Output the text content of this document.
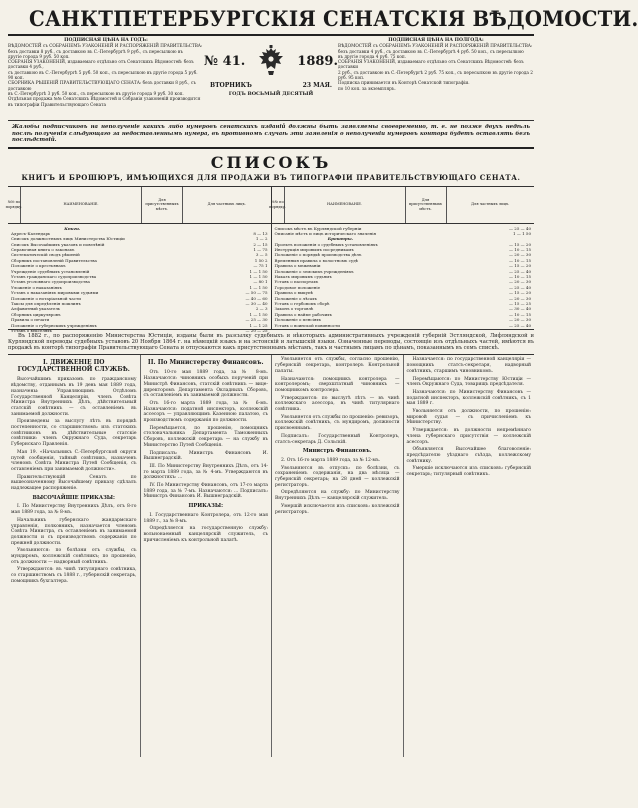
САНКТПЕТЕРБУРГСКІЯ СЕНАТСКІЯ ВѢДОМОСТИ.
ПОДПИСНАЯ ЦѢНА НА ГОДЪ:
ВѢДОМОСТЕЙ съ СОБРАНІЕМЪ УЗАКОНЕНІЙ И РАСПОРЯЖЕНІЙ ПРАВИТЕЛЬСТВА:
безъ доставки 8 руб., съ доставкою въ С.-Петербургѣ 9 руб., съ пересылкою въ
другіе города 9 руб. 50 коп.
СОБРАНІЯ УЗАКОНЕНІЙ, издаваемаго отдѣльно отъ Сенатскихъ Вѣдомостей: безъ доставки 4 руб.,
съ доставкою въ С.-Петербургѣ 5 руб. 50 коп., съ пересылкою въ другіе города 5 руб. 90 коп.
СБОРНИКА РѢШЕНІЙ ПРАВИТЕЛЬСТВУЮЩАГО СЕНАТА: безъ доставки 8 руб., съ доставкою
въ С.-Петербургѣ 3 руб. 50 коп., съ пересылкою въ другіе города 9 руб. 30 коп.
Отдѣльная продажа №№ Сенатскихъ Вѣдомостей и Собранія узаконеній производится въ типографіи Правительствующаго Сената
№ 41.	1889.
ВТОРНИКЪ	23 МАЯ.
ГОДЪ ВОСЬМЫЙ ДЕСЯТЫЙ
ПОДПИСНАЯ ЦѢНА НА ПОЛГОДА:
ВѢДОМОСТЕЙ съ СОБРАНІЕМЪ УЗАКОНЕНІЙ И РАСПОРЯЖЕНІЙ ПРАВИТЕЛЬСТВА:
безъ доставки 4 руб., съ доставкою въ С.-Петербургѣ 4 руб. 50 коп., съ пересылкою
въ другіе города 4 руб. 75 коп.
СОБРАНІЯ УЗАКОНЕНІЙ, издаваемаго отдѣльно отъ Сенатскихъ Вѣдомостей: безъ доставки
2 руб., съ доставкою въ С.-Петербургѣ 2 руб. 75 коп., съ пересылкою въ другіе города 2 руб. 95 коп.
Подписка принимается въ Конторѣ Сенатской типографіи.
по 10 коп. за экземпляръ.
Жалобы подписчиковъ на неполученіе какихъ либо нумеровъ сенатскихъ изданій должны быть заявляемы своевременно, т. е. не позже двухъ недѣль послѣ полученія слѣдующаго за недоставленнымъ нумера, въ противномъ случаѣ эти заявленія о неполученіи нумеровъ контора будетъ оставлять безъ послѣдствій.
СПИСОКЪ
КНИГЪ И БРОШЮРЪ, ИМѢЮЩИХСЯ ДЛЯ ПРОДАЖИ ВЪ ТИПОГРАФІИ ПРАВИТЕЛЬСТВУЮЩАГО СЕНАТА.
№№ по порядку.
НАИМЕНОВАНІЕ.
Для присутственныхъ мѣстъ.
Для частныхъ лицъ.
Книги.
Адресъ-Календарь	8 — 13
Списокъ должностныхъ лицъ Министерства Юстиціи	1 — 2
Списокъ Высочайшихъ указовъ и повелѣній	2 — 15
Справочная книга о законахъ	1 — 75
Систематическій сводъ рѣшеній	3 — 5
Сборникъ постановленій Правительства	1 50 2
Положеніе о крестьянахъ	— 75 1
Учрежденіе судебныхъ установленій	1 — 1 50
Уставъ гражданскаго судопроизводства	1 — 1 50
Уставъ уголовнаго судопроизводства	— 80 1
Уложеніе о наказаніяхъ	1 — 1 50
Уставъ о наказаніяхъ мировыми судьями	— 50 — 75
Положеніе о нотаріальной части	— 40 — 60
Таксы для опредѣленія пошлинъ	— 30 — 40
Алфавитный указатель	2 — 3
Сборникъ циркуляровъ	1 — 1 50
Правила о печати	— 25 — 30
Положеніе о губернскихъ учрежденіяхъ	1 — 1 25
Уставъ о векселяхъ	— 20 — 25
№№ по порядку.
НАИМЕНОВАНІЕ.
Для присутственныхъ мѣстъ.
Для частныхъ лицъ.
Списокъ мѣстъ въ Курляндской губерніи	— 25 — 40
Описаніе мѣстъ и лицъ историческаго значенія	1 — 1 50
Брошюры.
Проектъ положенія о судебныхъ установленіяхъ	— 15 — 20
Инструкція мировымъ посредникамъ	— 10 — 15
Положеніе о порядкѣ производства дѣлъ	— 20 — 30
Временныя правила о волостномъ судѣ	— 10 — 15
Правила о межеваніи	— 15 — 20
Положеніе о земскихъ учрежденіяхъ	— 25 — 40
Наказъ мировымъ судьямъ	— 10 — 15
Уставъ о паспортахъ	— 20 — 30
Городовое положеніе	— 25 — 40
Правила о выкупѣ	— 15 — 20
Положеніе о лѣсахъ	— 20 — 30
Уставъ о гербовомъ сборѣ	— 15 — 25
Законъ о торговлѣ	— 30 — 40
Правила о найме рабочихъ	— 10 — 15
Положеніе о пенсіяхъ	— 20 — 30
Уставъ о воинской повинности	— 25 — 40
Въ 1882 г., по распоряженію Министерства Юстиціи, изданы были въ разсылку судебныхъ и нѣкоторыхъ административныхъ учрежденій губерній Эстляндской, Лифляндской и Курляндской переводы судебныхъ уставовъ 20 Ноября 1864 г. на нѣмецкій языкъ и на эстонскій и латышскій языки. Означенные переводы, состоящіе изъ отдѣльныхъ частей, имѣются въ продажѣ въ конторѣ типографіи Правительствующаго Сената и отпускаются какъ присутственнымъ мѣстамъ, такъ и частнымъ лицамъ по цѣнамъ, показаннымъ въ семъ спискѣ.
I. ДВИЖЕНІЕ ПО ГОСУДАРСТВЕННОЙ СЛУЖБѢ.

Высочайшимъ приказомъ по гражданскому вѣдомству, отданнымъ въ 19 день мая 1889 года, назначены: Управляющимъ Отдѣломъ Государственной Канцеляріи, членъ Совѣта Министра Внутреннихъ Дѣлъ, дѣйствительный статскій совѣтникъ — съ оставленіемъ въ занимаемой должности.

Произведены за выслугу лѣтъ въ порядкѣ постепенности, со старшинствомъ: изъ статскихъ совѣтниковъ въ дѣйствительные статскіе совѣтники: членъ Окружнаго Суда, секретарь Губернскаго Правленія.

Мая 19. «Начальникъ С.-Петербургской округи путей сообщенія, тайный совѣтникъ, назначенъ членомъ Совѣта Министра Путей Сообщенія, съ оставленіемъ при занимаемой должности».

Правительствующій Сенатъ по вышеозначенному Высочайшему приказу сдѣлалъ надлежащее распоряженіе.

ВЫСОЧАЙШІЕ ПРИКАЗЫ:

I. По Министерству Внутреннихъ Дѣлъ, отъ 8-го мая 1889 года, за № 8-мъ.

Начальникъ губернскаго жандармскаго управленія, полковникъ, назначается членомъ Совѣта Министра, съ оставленіемъ въ занимаемой должности и съ производствомъ содержанія по прежней должности.

Увольняются: по болѣзни отъ службы, съ мундиромъ, коллежскій совѣтникъ; по прошенію, отъ должности — надворный совѣтникъ.

Утверждаются: въ чинѣ титулярнаго совѣтника, со старшинствомъ съ 1888 г., губернскій секретарь, помощникъ бухгалтера.

II. По Министерству Финансовъ.

Отъ 10-го мая 1889 года, за № 8-мъ. Назначаются: чиновникъ особыхъ порученій при Министрѣ Финансовъ, статскій совѣтникъ — вице-директоромъ Департамента Окладныхъ Сборовъ, съ оставленіемъ въ занимаемой должности.

Отъ 16-го марта 1889 года, за № 6-мъ. Назначаются: податной инспекторъ, коллежскій ассесоръ — управляющимъ Казенною палатою, съ производствомъ содержанія по должности.

Перемѣщается, по прошенію, помощникъ столоначальника Департамента Таможенныхъ Сборовъ, коллежскій секретарь — на службу въ Министерство Путей Сообщенія.

Подписалъ: Министръ Финансовъ И. Вышнеградскій.

III. По Министерству Внутреннихъ Дѣлъ, отъ 14-го марта 1889 года, за № 4-мъ. Утверждаются въ должностяхъ: ...

IV. По Министерству Финансовъ, отъ 17-го марта 1889 года, за № 7-мъ. Назначаются: ... Подписалъ: Министръ Финансовъ И. Вышнеградскій.

ПРИКАЗЫ:

I. Государственнаго Контролера, отъ 12-го мая 1889 г., за № 8-мъ.

Опредѣляется на государственную службу: вольнонаемный канцелярскій служитель, съ причисленіемъ къ контрольной палатѣ.

Увольняется отъ службы, согласно прошенію, губернскій секретарь, контролеръ Контрольной палаты.

Назначаются: помощникъ контролера — контролеромъ; сверхштатный чиновникъ — помощникомъ контролера.

Утверждаются: по выслугѣ лѣтъ — въ чинѣ коллежскаго асессора, въ чинѣ титулярнаго совѣтника.

Увольняется отъ службы по прошенію: ревизоръ, коллежскій совѣтникъ, съ мундиромъ, должности присвоеннымъ.

Подписалъ: Государственный Контролеръ, статсъ-секретарь Д. Сольскій.

Министръ Финансовъ.

2. Отъ 16-го марта 1889 года, за № 12-мъ.

Увольняются въ отпускъ: по болѣзни, съ сохраненіемъ содержанія, на два мѣсяца — губернскій секретарь; на 28 дней — коллежскій регистраторъ.

Опредѣляются на службу: по Министерству Внутреннихъ Дѣлъ — канцелярскій служитель.

Умершій исключается изъ списковъ: коллежскій регистраторъ.

Назначается: по государственной канцеляріи — помощникъ статсъ-секретаря, надворный совѣтникъ, старшимъ чиновникомъ.

Перемѣщаются: по Министерству Юстиціи — членъ Окружнаго Суда, товарищъ предсѣдателя.

Назначаются: по Министерству Финансовъ — податной инспекторъ, коллежскій совѣтникъ, съ 1 мая 1889 г.

Увольняется отъ должности, по прошенію: мировой судья — съ причисленіемъ къ Министерству.

Утверждается: въ должности непремѣннаго члена губернскаго присутствія — коллежскій асессоръ.

Объявляется Высочайшее благоволеніе: предсѣдателю уѣзднаго съѣзда, коллежскому совѣтнику.

Умершіе исключаются изъ списковъ: губернскій секретарь; титулярный совѣтникъ.
